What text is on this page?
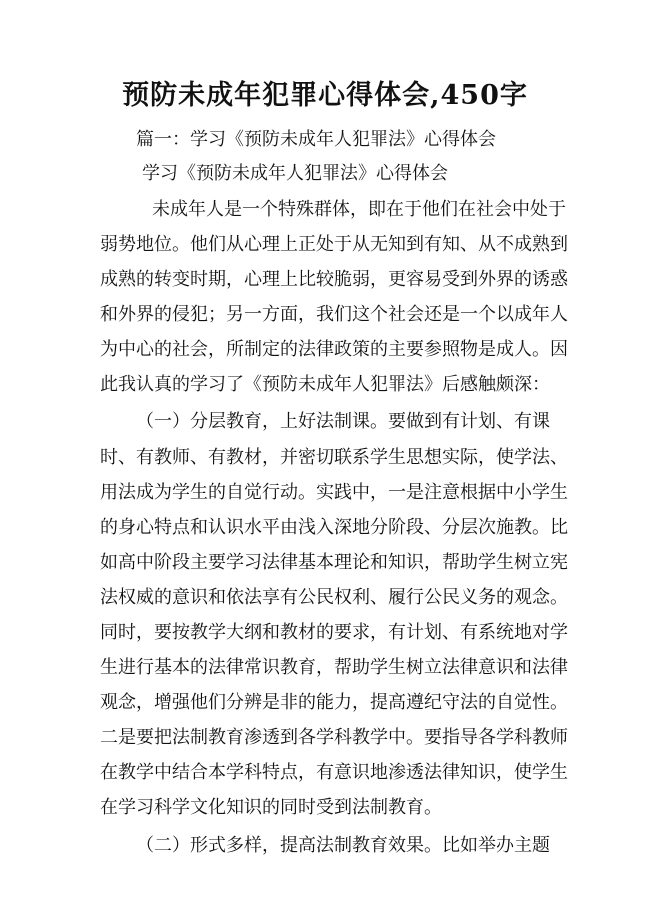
预防未成年犯罪心得体会,450字
篇一：学习《预防未成年人犯罪法》心得体会
学习《预防未成年人犯罪法》心得体会
未成年人是一个特殊群体，即在于他们在社会中处于
弱势地位。他们从心理上正处于从无知到有知、从不成熟到
成熟的转变时期，心理上比较脆弱，更容易受到外界的诱惑
和外界的侵犯；另一方面，我们这个社会还是一个以成年人
为中心的社会，所制定的法律政策的主要参照物是成人。因
此我认真的学习了《预防未成年人犯罪法》后感触颇深：
（一）分层教育，上好法制课。要做到有计划、有课
时、有教师、有教材，并密切联系学生思想实际，使学法、
用法成为学生的自觉行动。实践中，一是注意根据中小学生
的身心特点和认识水平由浅入深地分阶段、分层次施教。比
如高中阶段主要学习法律基本理论和知识，帮助学生树立宪
法权威的意识和依法享有公民权利、履行公民义务的观念。
同时，要按教学大纲和教材的要求，有计划、有系统地对学
生进行基本的法律常识教育，帮助学生树立法律意识和法律
观念，增强他们分辨是非的能力，提高遵纪守法的自觉性。
二是要把法制教育渗透到各学科教学中。要指导各学科教师
在教学中结合本学科特点，有意识地渗透法律知识，使学生
在学习科学文化知识的同时受到法制教育。
（二）形式多样，提高法制教育效果。比如举办主题
